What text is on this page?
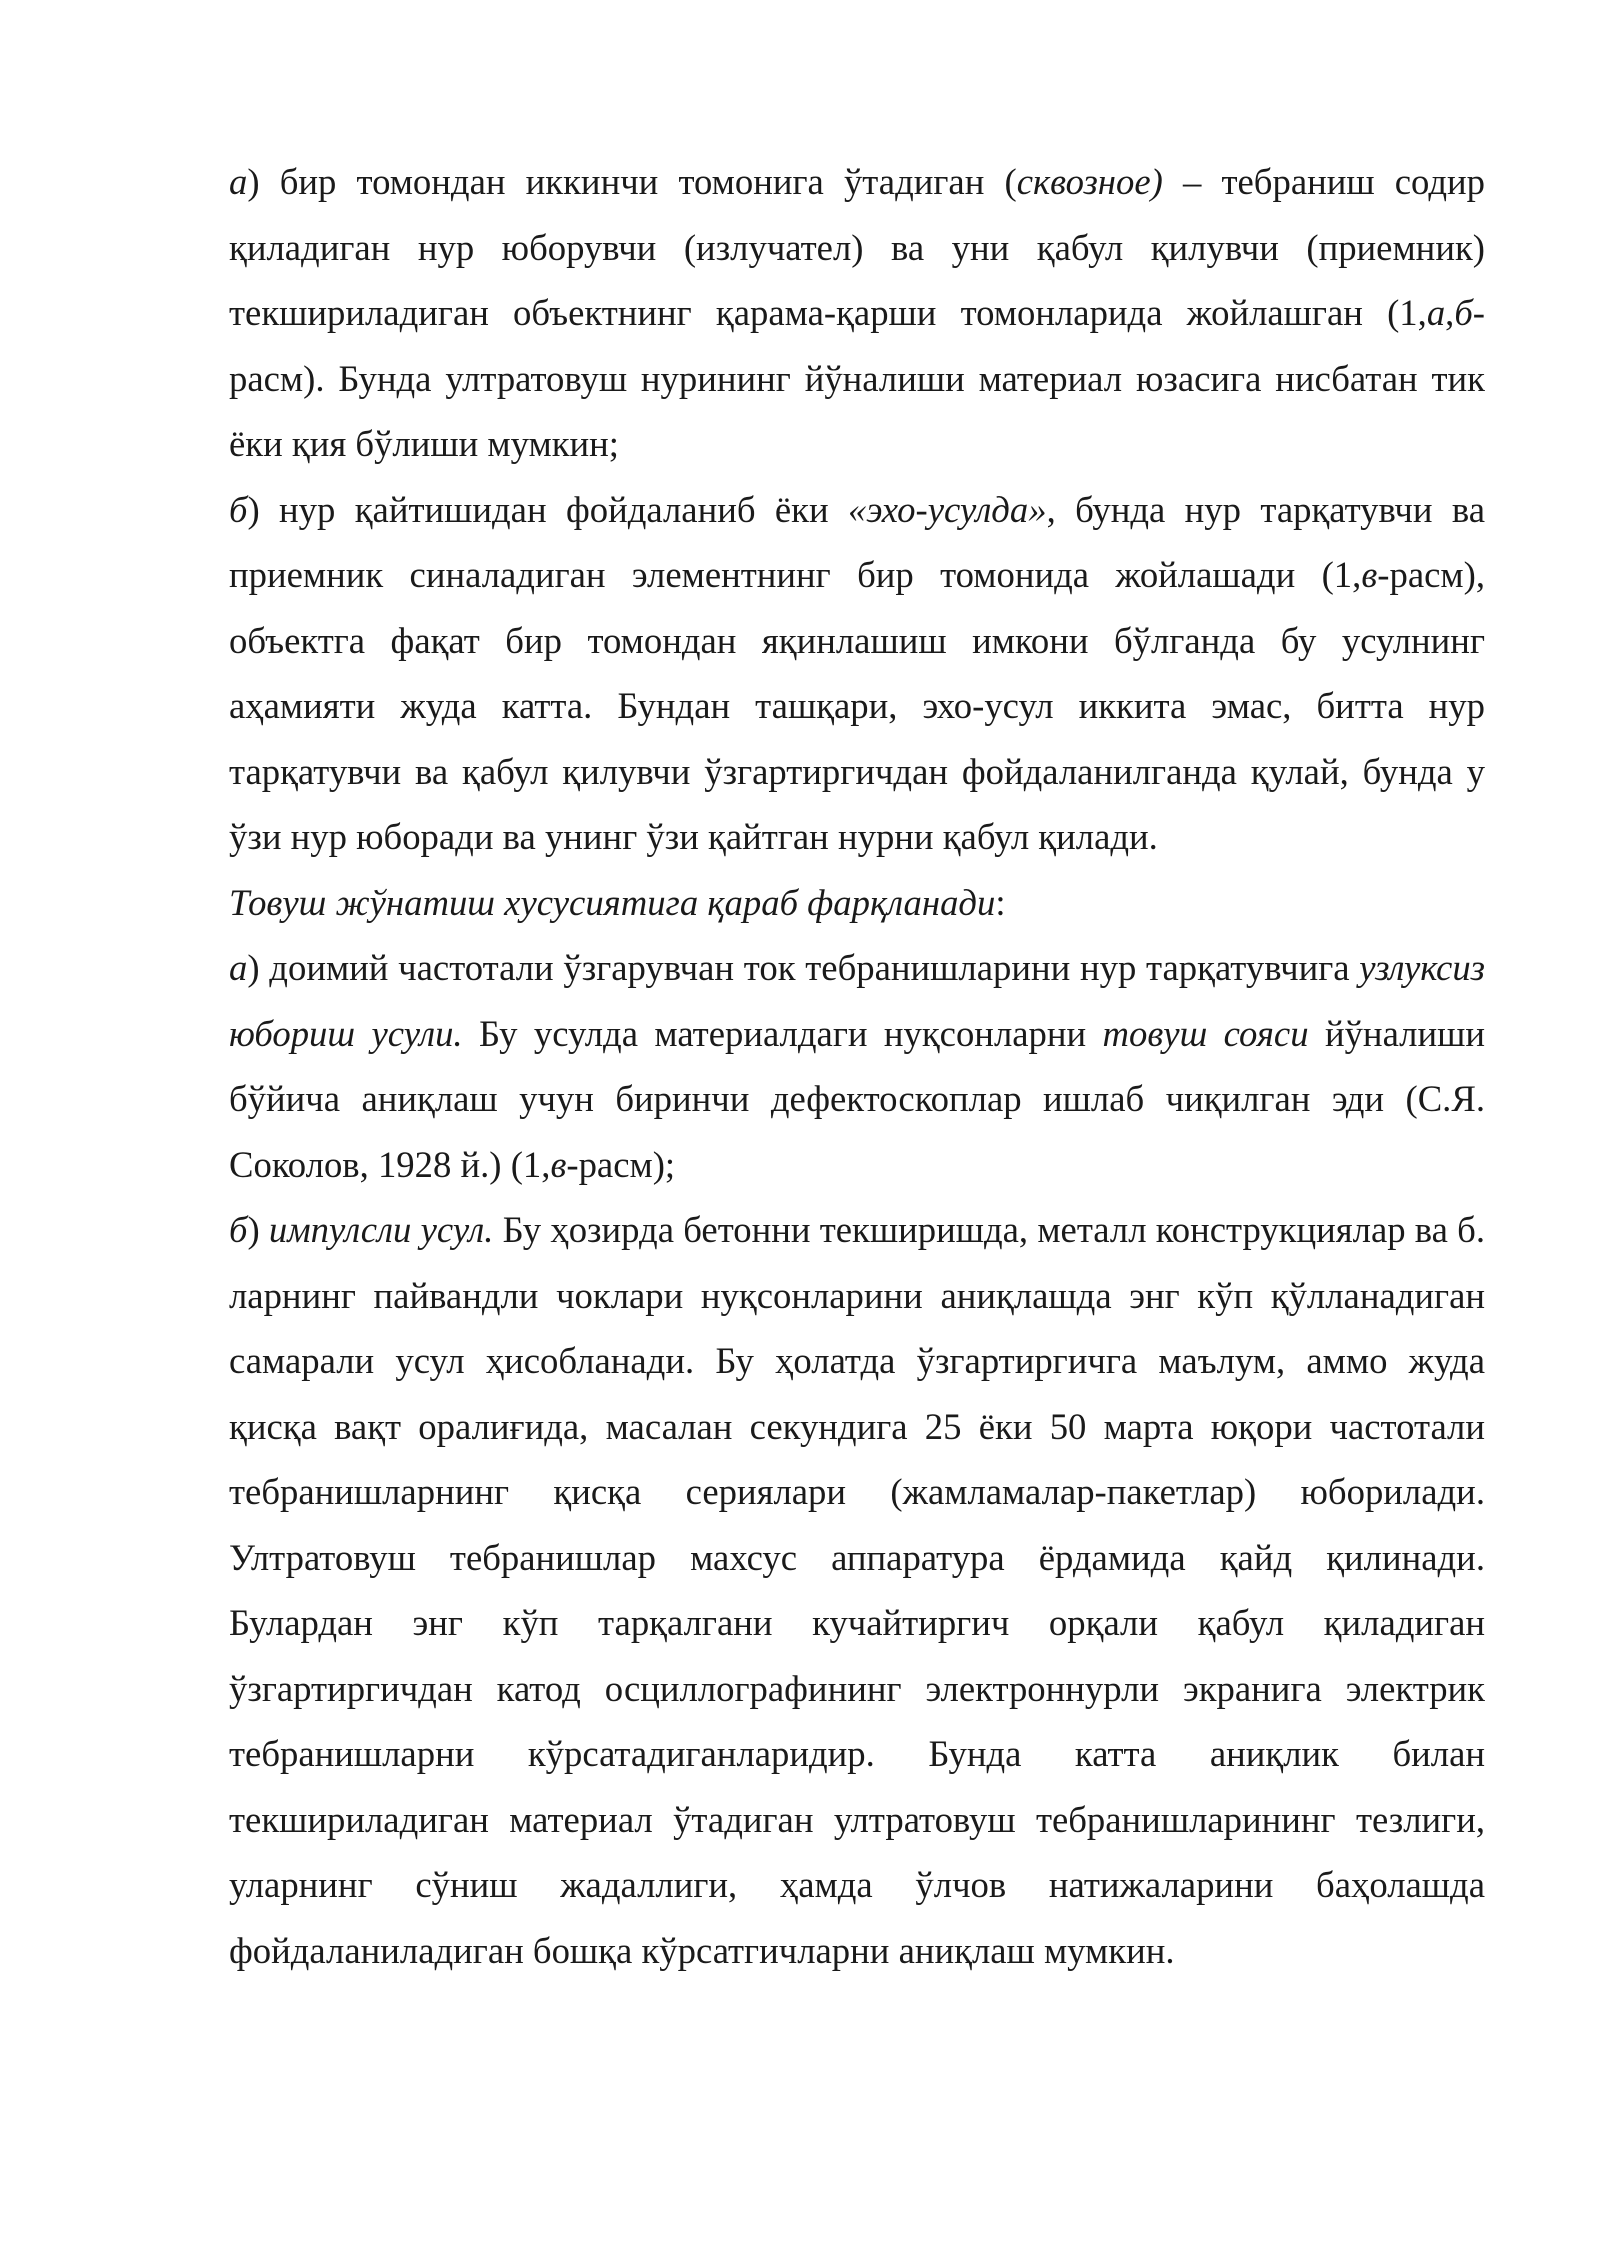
а) бир томондан иккинчи томонига ўтадиган (сквозное) – тебраниш содир қиладиган нур юборувчи (излучател) ва уни қабул қилувчи (приемник) текшириладиган объектнинг қарама-қарши томонларида жойлашган (1,а,б-расм). Бунда ултратовуш нурининг йўналиши материал юзасига нисбатан тик ёки қия бўлиши мумкин;

б) нур қайтишидан фойдаланиб ёки «эхо-усулда», бунда нур тарқатувчи ва приемник синаладиган элементнинг бир томонида жойлашади (1,в-расм), объектга фақат бир томондан яқинлашиш имкони бўлганда бу усулнинг аҳамияти жуда катта. Бундан ташқари, эхо-усул иккита эмас, битта нур тарқатувчи ва қабул қилувчи ўзгартиргичдан фойдаланилганда қулай, бунда у ўзи нур юборади ва унинг ўзи қайтган нурни қабул қилади.

Товуш жўнатиш хусусиятига қараб фарқланади:

а) доимий частотали ўзгарувчан ток тебранишларини нур тарқатувчига узлуксиз юбориш усули. Бу усулда материалдаги нуқсонларни товуш сояси йўналиши бўйича аниқлаш учун биринчи дефектоскоплар ишлаб чиқилган эди (С.Я. Соколов, 1928 й.) (1,в-расм);

б) импулсли усул. Бу ҳозирда бетонни текширишда, металл конструкциялар ва б. ларнинг пайвандли чоклари нуқсонларини аниқлашда энг кўп қўлланадиган самарали усул ҳисобланади. Бу ҳолатда ўзгартиргичга маълум, аммо жуда қисқа вақт оралиғида, масалан секундига 25 ёки 50 марта юқори частотали тебранишларнинг қисқа сериялари (жамламалар-пакетлар) юборилади. Ултратовуш тебранишлар махсус аппаратура ёрдамида қайд қилинади. Булардан энг кўп тарқалгани кучайтиргич орқали қабул қиладиган ўзгартиргичдан катод осциллографининг электроннурли экранига электрик тебранишларни кўрсатадиганларидир. Бунда катта аниқлик билан текшириладиган материал ўтадиган ултратовуш тебранишларининг тезлиги, уларнинг сўниш жадаллиги, ҳамда ўлчов натижаларини баҳолашда фойдаланиладиган бошқа кўрсатгичларни аниқлаш мумкин.
